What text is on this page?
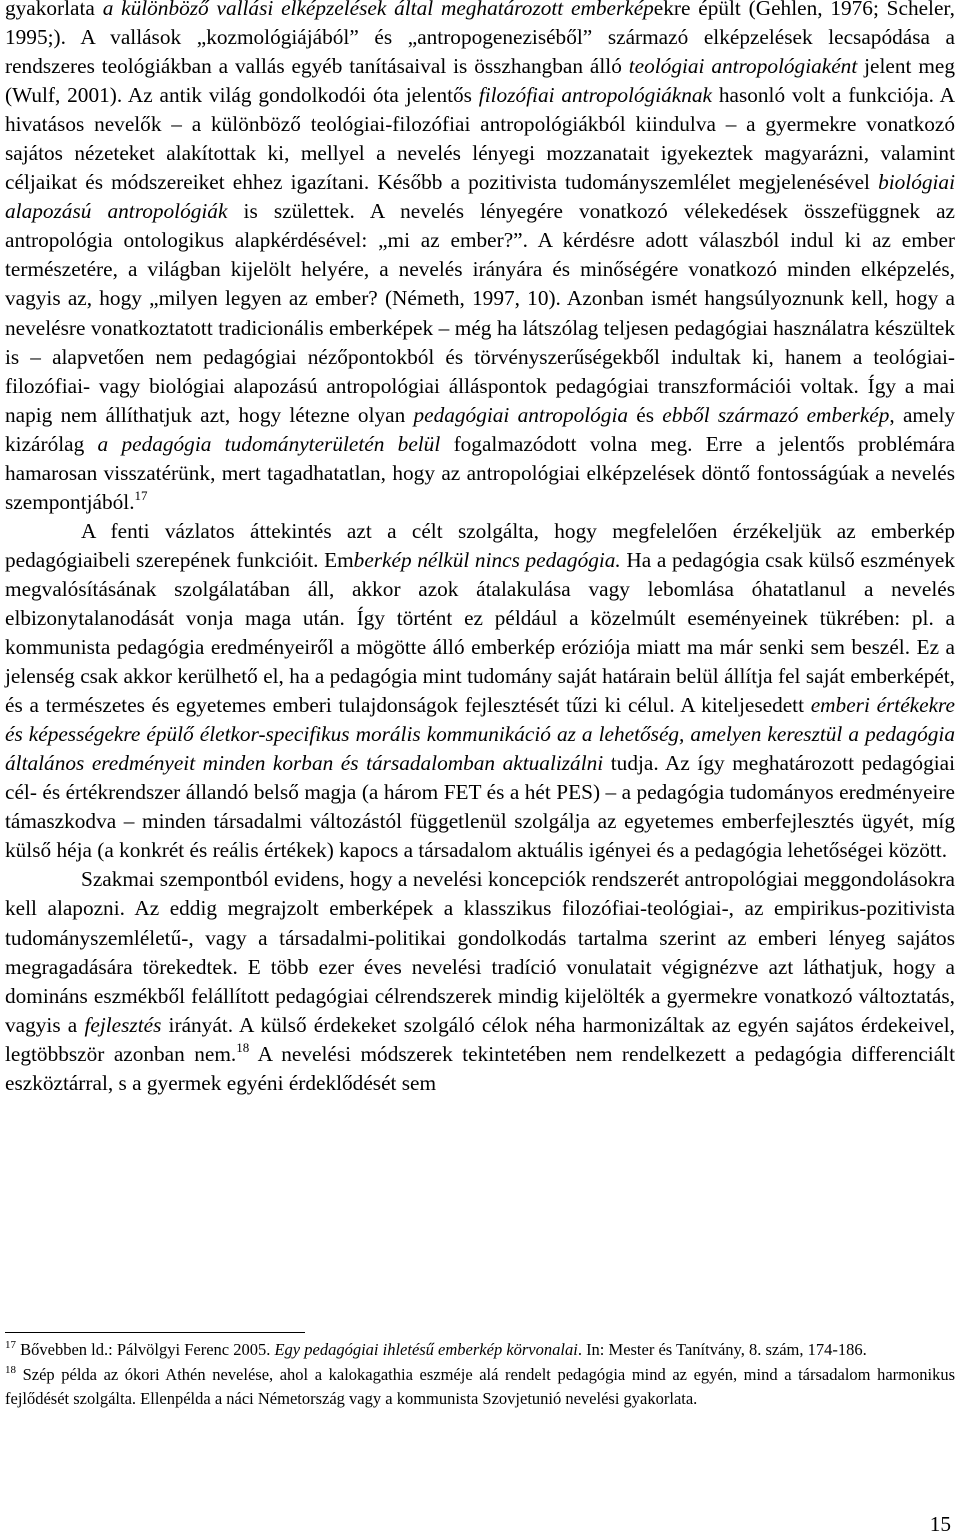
gyakorlata a különböző vallási elképzelések által meghatározott emberképekre épült (Gehlen, 1976; Scheler, 1995;). A vallások „kozmológiájából” és „antropogeneziséből” származó elképzelések lecsapódása a rendszeres teológiákban a vallás egyéb tanításaival is összhangban álló teológiai antropológiaként jelent meg (Wulf, 2001). Az antik világ gondolkodói óta jelentős filozófiai antropológiáknak hasonló volt a funkciója. A hivatásos nevelők – a különböző teológiai-filozófiai antropológiákból kiindulva – a gyermekre vonatkozó sajátos nézeteket alakítottak ki, mellyel a nevelés lényegi mozzanatait igyekeztek magyarázni, valamint céljaikat és módszereiket ehhez igazítani. Később a pozitivista tudományszemlélet megjelenésével biológiai alapozású antropológiák is születtek. A nevelés lényegére vonatkozó vélekedések összefüggnek az antropológia ontologikus alapkérdésével: „mi az ember?”. A kérdésre adott válaszból indul ki az ember természetére, a világban kijelölt helyére, a nevelés irányára és minőségére vonatkozó minden elképzelés, vagyis az, hogy „milyen legyen az ember? (Németh, 1997, 10). Azonban ismét hangsúlyoznunk kell, hogy a nevelésre vonatkoztatott tradicionális emberképek – még ha látszólag teljesen pedagógiai használatra készültek is – alapvetően nem pedagógiai nézőpontokból és törvényszerűségekből indultak ki, hanem a teológiai- filozófiai- vagy biológiai alapozású antropológiai álláspontok pedagógiai transzformációi voltak. Így a mai napig nem állíthatjuk azt, hogy létezne olyan pedagógiai antropológia és ebből származó emberkép, amely kizárólag a pedagógia tudományterületén belül fogalmazódott volna meg. Erre a jelentős problémára hamarosan visszatérünk, mert tagadhatatlan, hogy az antropológiai elképzelések döntő fontosságúak a nevelés szempontjából.$^{17}$

A fenti vázlatos áttekintés azt a célt szolgálta, hogy megfelelően érzékeljük az emberkép pedagógiaibeli szerepének funkcióit. Emberkép nélkül nincs pedagógia. Ha a pedagógia csak külső eszmények megvalósításának szolgálatában áll, akkor azok átalakulása vagy lebomlása óhatatlanul a nevelés elbizonytalanodását vonja maga után. Így történt ez például a közelmúlt eseményeinek tükrében: pl. a kommunista pedagógia eredményeiről a mögötte álló emberkép eróziója miatt ma már senki sem beszél. Ez a jelenség csak akkor kerülhető el, ha a pedagógia mint tudomány saját határain belül állítja fel saját emberképét, és a természetes és egyetemes emberi tulajdonságok fejlesztését tűzi ki célul. A kiteljesedett emberi értékekre és képességekre épülő életkor-specifikus morális kommunikáció az a lehetőség, amelyen keresztül a pedagógia általános eredményeit minden korban és társadalomban aktualizálni tudja. Az így meghatározott pedagógiai cél- és értékrendszer állandó belső magja (a három FET és a hét PES) – a pedagógia tudományos eredményeire támaszkodva – minden társadalmi változástól függetlenül szolgálja az egyetemes emberfejlesztés ügyét, míg külső héja (a konkrét és reális értékek) kapocs a társadalom aktuális igényei és a pedagógia lehetőségei között.

Szakmai szempontból evidens, hogy a nevelési koncepciók rendszerét antropológiai meggondolásokra kell alapozni. Az eddig megrajzolt emberképek a klasszikus filozófiai-teológiai-, az empirikus-pozitivista tudományszemléletű-, vagy a társadalmi-politikai gondolkodás tartalma szerint az emberi lényeg sajátos megragadására törekedtek. E több ezer éves nevelési tradíció vonulatait végignézve azt láthatjuk, hogy a domináns eszmékből felállított pedagógiai célrendszerek mindig kijelölték a gyermekre vonatkozó változtatás, vagyis a fejlesztés irányát. A külső érdekeket szolgáló célok néha harmonizáltak az egyén sajátos érdekeivel, legtöbbször azonban nem.$^{18}$ A nevelési módszerek tekintetében nem rendelkezett a pedagógia differenciált eszköztárral, s a gyermek egyéni érdeklődését sem

$^{17}$ Bővebben ld.: Pálvölgyi Ferenc 2005. Egy pedagógiai ihletésű emberkép körvonalai. In: Mester és Tanítvány, 8. szám, 174-186.

$^{18}$ Szép példa az ókori Athén nevelése, ahol a kalokagathia eszméje alá rendelt pedagógia mind az egyén, mind a társadalom harmonikus fejlődését szolgálta. Ellenpélda a náci Németország vagy a kommunista Szovjetunió nevelési gyakorlata.

15
